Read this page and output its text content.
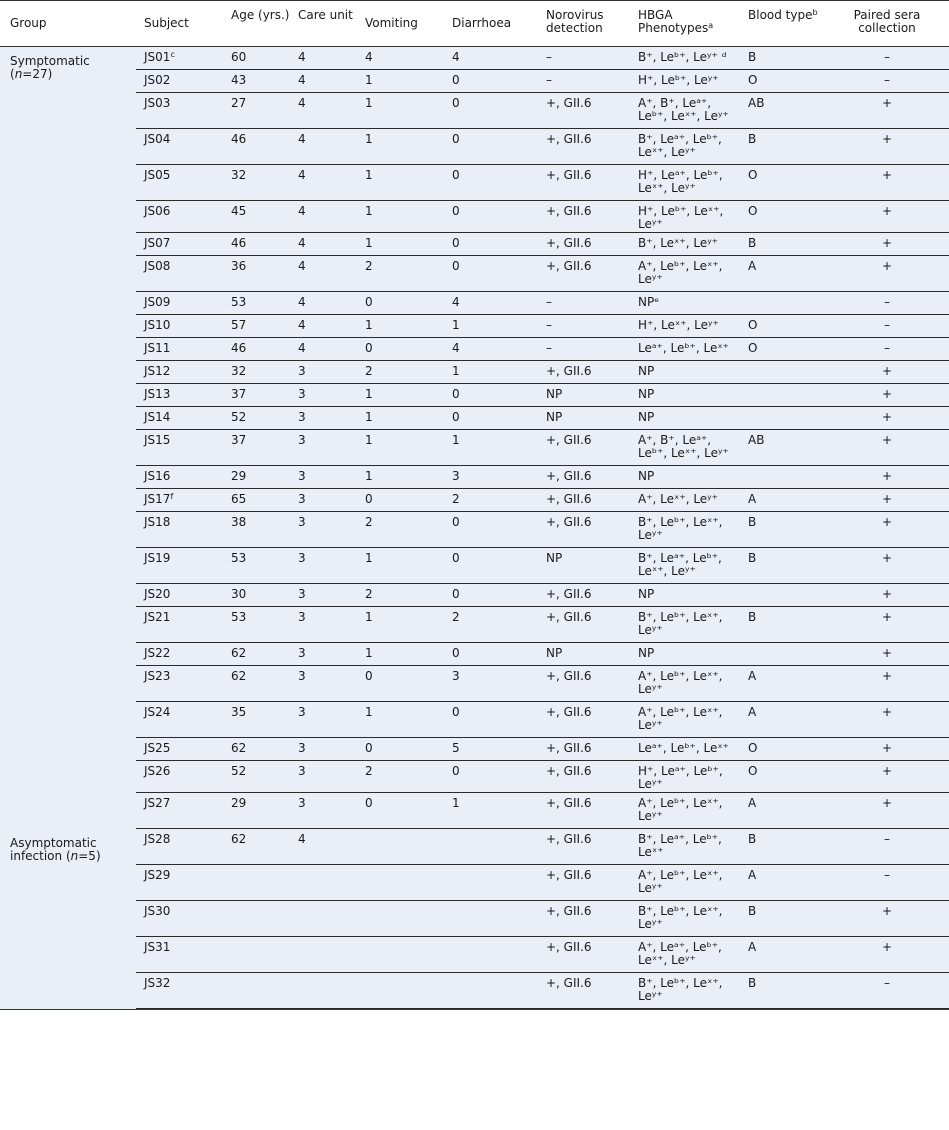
Group	Subject	Age (yrs.)	Care unit	Vomiting	Diarrhoea	Norovirus detection	HBGA Phenotypes$^a$	Blood type$^b$	Paired sera collection
Symptomatic (n=27)	JS01$^c$	60	4	4	4	–	B⁺, Leᵇ⁺, Leʸ⁺ ᵈ	B	–
	JS02	43	4	1	0	–	H⁺, Leᵇ⁺, Leʸ⁺	O	–
	JS03	27	4	1	0	+, GII.6	A⁺, B⁺, Leᵃ⁺, Leᵇ⁺, Leˣ⁺, Leʸ⁺	AB	+
	JS04	46	4	1	0	+, GII.6	B⁺, Leᵃ⁺, Leᵇ⁺, Leˣ⁺, Leʸ⁺	B	+
	JS05	32	4	1	0	+, GII.6	H⁺, Leᵃ⁺, Leᵇ⁺, Leˣ⁺, Leʸ⁺	O	+
	JS06	45	4	1	0	+, GII.6	H⁺, Leᵇ⁺, Leˣ⁺, Leʸ⁺	O	+
	JS07	46	4	1	0	+, GII.6	B⁺, Leˣ⁺, Leʸ⁺	B	+
	JS08	36	4	2	0	+, GII.6	A⁺, Leᵇ⁺, Leˣ⁺, Leʸ⁺	A	+
	JS09	53	4	0	4	–	NPᵉ		–
	JS10	57	4	1	1	–	H⁺, Leˣ⁺, Leʸ⁺	O	–
	JS11	46	4	0	4	–	Leᵃ⁺, Leᵇ⁺, Leˣ⁺	O	–
	JS12	32	3	2	1	+, GII.6	NP		+
	JS13	37	3	1	0	NP	NP		+
	JS14	52	3	1	0	NP	NP		+
	JS15	37	3	1	1	+, GII.6	A⁺, B⁺, Leᵃ⁺, Leᵇ⁺, Leˣ⁺, Leʸ⁺	AB	+
	JS16	29	3	1	3	+, GII.6	NP		+
	JS17$^f$	65	3	0	2	+, GII.6	A⁺, Leˣ⁺, Leʸ⁺	A	+
	JS18	38	3	2	0	+, GII.6	B⁺, Leᵇ⁺, Leˣ⁺, Leʸ⁺	B	+
	JS19	53	3	1	0	NP	B⁺, Leᵃ⁺, Leᵇ⁺, Leˣ⁺, Leʸ⁺	B	+
	JS20	30	3	2	0	+, GII.6	NP		+
	JS21	53	3	1	2	+, GII.6	B⁺, Leᵇ⁺, Leˣ⁺, Leʸ⁺	B	+
	JS22	62	3	1	0	NP	NP		+
	JS23	62	3	0	3	+, GII.6	A⁺, Leᵇ⁺, Leˣ⁺, Leʸ⁺	A	+
	JS24	35	3	1	0	+, GII.6	A⁺, Leᵇ⁺, Leˣ⁺, Leʸ⁺	A	+
	JS25	62	3	0	5	+, GII.6	Leᵃ⁺, Leᵇ⁺, Leˣ⁺	O	+
	JS26	52	3	2	0	+, GII.6	H⁺, Leᵃ⁺, Leᵇ⁺, Leʸ⁺	O	+
	JS27	29	3	0	1	+, GII.6	A⁺, Leᵇ⁺, Leˣ⁺, Leʸ⁺	A	+
Asymptomatic infection (n=5)	JS28	62	4			+, GII.6	B⁺, Leᵃ⁺, Leᵇ⁺, Leˣ⁺	B	–
	JS29					+, GII.6	A⁺, Leᵇ⁺, Leˣ⁺, Leʸ⁺	A	–
	JS30					+, GII.6	B⁺, Leᵇ⁺, Leˣ⁺, Leʸ⁺	B	+
	JS31					+, GII.6	A⁺, Leᵃ⁺, Leᵇ⁺, Leˣ⁺, Leʸ⁺	A	+
	JS32					+, GII.6	B⁺, Leᵇ⁺, Leˣ⁺, Leʸ⁺	B	–
